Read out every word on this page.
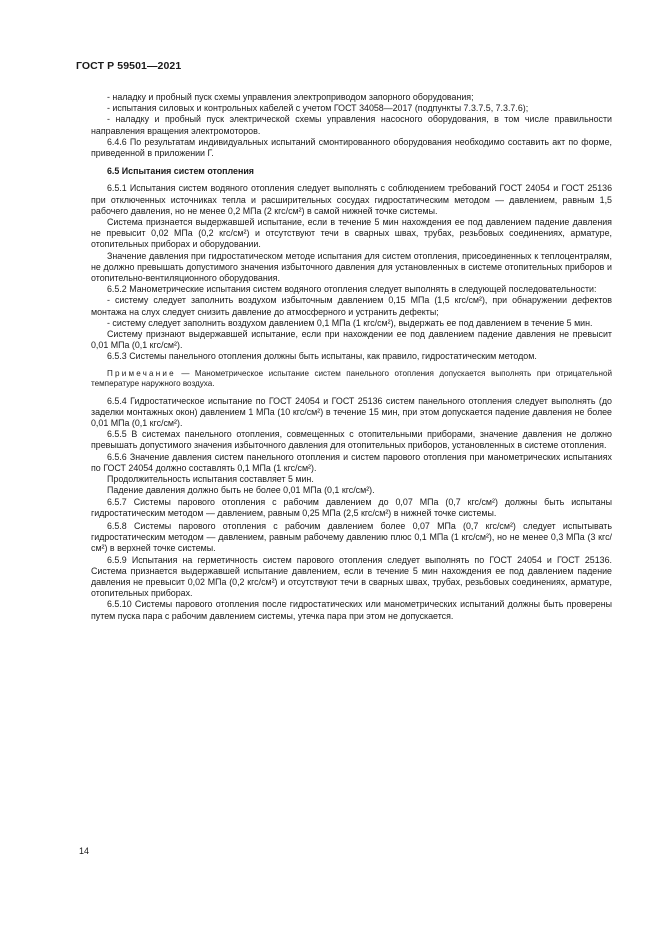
ГОСТ Р 59501—2021

- наладку и пробный пуск схемы управления электроприводом запорного оборудования;

- испытания силовых и контрольных кабелей с учетом ГОСТ 34058—2017 (подпункты 7.3.7.5, 7.3.7.6);

- наладку и пробный пуск электрической схемы управления насосного оборудования, в том числе правильности направления вращения электромоторов.

6.4.6 По результатам индивидуальных испытаний смонтированного оборудования необходимо составить акт по форме, приведенной в приложении Г.

6.5 Испытания систем отопления

6.5.1 Испытания систем водяного отопления следует выполнять с соблюдением требований ГОСТ 24054 и ГОСТ 25136 при отключенных источниках тепла и расширительных сосудах гидростатическим методом — давлением, равным 1,5 рабочего давления, но не менее 0,2 МПа (2 кгс/см²) в самой нижней точке системы.

Система признается выдержавшей испытание, если в течение 5 мин нахождения ее под давлением падение давления не превысит 0,02 МПа (0,2 кгс/см²) и отсутствуют течи в сварных швах, трубах, резьбовых соединениях, арматуре, отопительных приборах и оборудовании.

Значение давления при гидростатическом методе испытания для систем отопления, присоединенных к теплоцентралям, не должно превышать допустимого значения избыточного давления для установленных в системе отопительных приборов и отопительно-вентиляционного оборудования.

6.5.2 Манометрические испытания систем водяного отопления следует выполнять в следующей последовательности:

- систему следует заполнить воздухом избыточным давлением 0,15 МПа (1,5 кгс/см²), при обнаружении дефектов монтажа на слух следует снизить давление до атмосферного и устранить дефекты;

- систему следует заполнить воздухом давлением 0,1 МПа (1 кгс/см²), выдержать ее под давлением в течение 5 мин.

Систему признают выдержавшей испытание, если при нахождении ее под давлением падение давления не превысит 0,01 МПа (0,1 кгс/см²).

6.5.3 Системы панельного отопления должны быть испытаны, как правило, гидростатическим методом.

Примечание — Манометрическое испытание систем панельного отопления допускается выполнять при отрицательной температуре наружного воздуха.

6.5.4 Гидростатическое испытание по ГОСТ 24054 и ГОСТ 25136 систем панельного отопления следует выполнять (до заделки монтажных окон) давлением 1 МПа (10 кгс/см²) в течение 15 мин, при этом допускается падение давления не более 0,01 МПа (0,1 кгс/см²).

6.5.5 В системах панельного отопления, совмещенных с отопительными приборами, значение давления не должно превышать допустимого значения избыточного давления для отопительных приборов, установленных в системе отопления.

6.5.6 Значение давления систем панельного отопления и систем парового отопления при манометрических испытаниях по ГОСТ 24054 должно составлять 0,1 МПа (1 кгс/см²).

Продолжительность испытания составляет 5 мин.

Падение давления должно быть не более 0,01 МПа (0,1 кгс/см²).

6.5.7 Системы парового отопления с рабочим давлением до 0,07 МПа (0,7 кгс/см²) должны быть испытаны гидростатическим методом — давлением, равным 0,25 МПа (2,5 кгс/см²) в нижней точке системы.

6.5.8 Системы парового отопления с рабочим давлением более 0,07 МПа (0,7 кгс/см²) следует испытывать гидростатическим методом — давлением, равным рабочему давлению плюс 0,1 МПа (1 кгс/см²), но не менее 0,3 МПа (3 кгс/см²) в верхней точке системы.

6.5.9 Испытания на герметичность систем парового отопления следует выполнять по ГОСТ 24054 и ГОСТ 25136. Система признается выдержавшей испытание давлением, если в течение 5 мин нахождения ее под давлением падение давления не превысит 0,02 МПа (0,2 кгс/см²) и отсутствуют течи в сварных швах, трубах, резьбовых соединениях, арматуре, отопительных приборах.

6.5.10 Системы парового отопления после гидростатических или манометрических испытаний должны быть проверены путем пуска пара с рабочим давлением системы, утечка пара при этом не допускается.

14
